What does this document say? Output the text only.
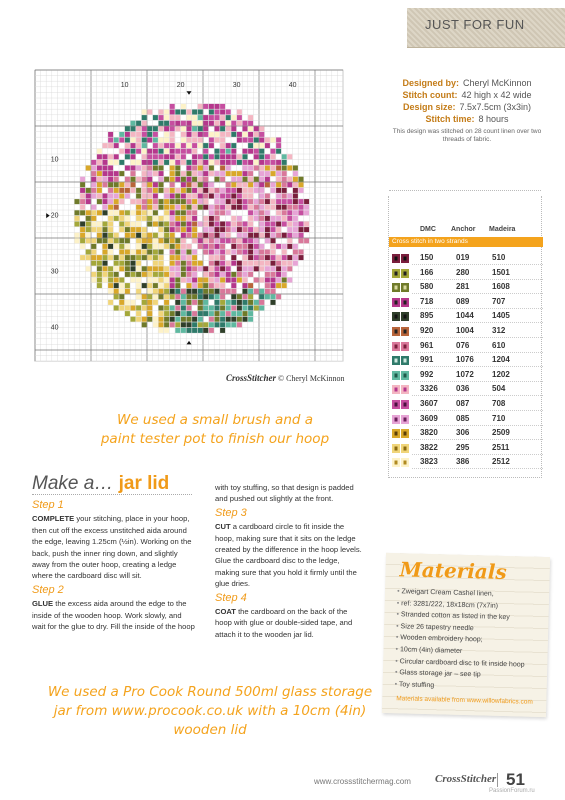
JUST FOR FUN
10	20	30	40
10
20
30
40
CrossStitcher © Cheryl McKinnon
Designed by: Cheryl McKinnon
Stitch count: 42 high x 42 wide
Design size: 7.5x7.5cm (3x3in)
Stitch time: 8 hours
This design was stitched on 28 count linen over two threads of fabric.
DMC Anchor Madeira
Cross stitch in two strands
150	019	510
166	280	1501
580	281	1608
718	089	707
895	1044 1405
920	1004 312
961	076	610
991	1076 1204
992	1072 1202
3326 036	504
3607 087	708
3609 085	710
3820 306	2509
3822 295	2511
3823 386	2512
We used a small brush and a paint tester pot to finish our hoop
Make a… jar lid
Step 1

COMPLETE your stitching, place in your hoop, then cut off the excess unstitched aida around the edge, leaving 1.25cm (½in). Working on the back, push the inner ring down, and slightly away from the outer hoop, creating a ledge where the cardboard disc will sit.

Step 2

GLUE the excess aida around the edge to the inside of the wooden hoop. Work slowly, and wait for the glue to dry. Fill the inside of the hoop

with toy stuffing, so that design is padded and pushed out slightly at the front.

Step 3

CUT a cardboard circle to fit inside the hoop, making sure that it sits on the ledge created by the difference in the hoop levels. Glue the cardboard disc to the ledge, making sure that you hold it firmly until the glue dries.

Step 4

COAT the cardboard on the back of the hoop with glue or double-sided tape, and attach it to the wooden jar lid.

Materials
• Zweigart Cream Cashel linen,
• ref: 3281/222, 18x18cm (7x7in)
• Stranded cotton as listed in the key
• Size 26 tapestry needle
• Wooden embroidery hoop;
• 10cm (4in) diameter
• Circular cardboard disc to fit inside hoop
• Glass storage jar – see tip
• Toy stuffing
Materials available from www.willowfabrics.com
We used a Pro Cook Round 500ml glass storage jar from www.procook.co.uk with a 10cm (4in) wooden lid
www.crossstitchermag.com CrossStitcher 51
PassionForum.ru
